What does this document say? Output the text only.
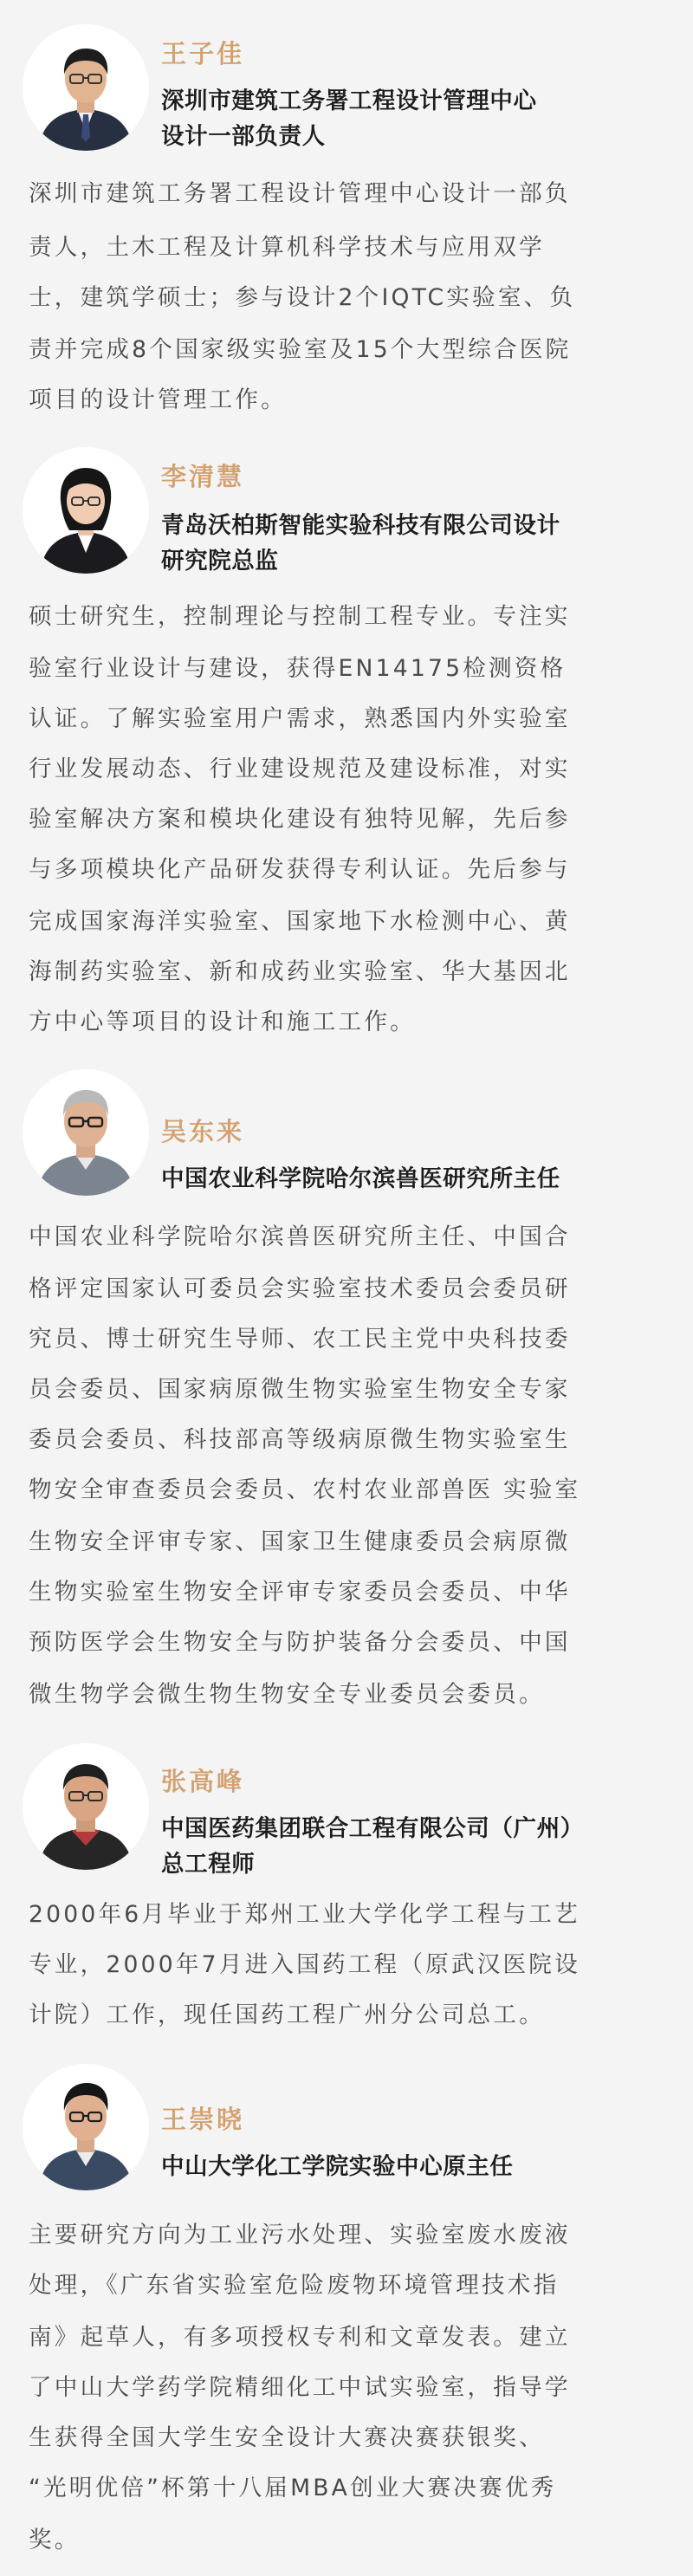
王子佳
深圳市建筑工务署工程设计管理中心
设计一部负责人
深圳市建筑工务署工程设计管理中心设计一部负
责人，土木工程及计算机科学技术与应用双学
士，建筑学硕士；参与设计2个IQTC实验室、负
责并完成8个国家级实验室及15个大型综合医院
项目的设计管理工作。
李清慧
青岛沃柏斯智能实验科技有限公司设计
研究院总监
硕士研究生，控制理论与控制工程专业。专注实
验室行业设计与建设，获得EN14175检测资格
认证。了解实验室用户需求，熟悉国内外实验室
行业发展动态、行业建设规范及建设标准，对实
验室解决方案和模块化建设有独特见解，先后参
与多项模块化产品研发获得专利认证。先后参与
完成国家海洋实验室、国家地下水检测中心、黄
海制药实验室、新和成药业实验室、华大基因北
方中心等项目的设计和施工工作。
吴东来
中国农业科学院哈尔滨兽医研究所主任
中国农业科学院哈尔滨兽医研究所主任、中国合
格评定国家认可委员会实验室技术委员会委员研
究员、博士研究生导师、农工民主党中央科技委
员会委员、国家病原微生物实验室生物安全专家
委员会委员、科技部高等级病原微生物实验室生
物安全审查委员会委员、农村农业部兽医 实验室
生物安全评审专家、国家卫生健康委员会病原微
生物实验室生物安全评审专家委员会委员、中华
预防医学会生物安全与防护装备分会委员、中国
微生物学会微生物生物安全专业委员会委员。
张高峰
中国医药集团联合工程有限公司（广州）
总工程师
2000年6月毕业于郑州工业大学化学工程与工艺
专业，2000年7月进入国药工程（原武汉医院设
计院）工作，现任国药工程广州分公司总工。
王崇晓
中山大学化工学院实验中心原主任
主要研究方向为工业污水处理、实验室废水废液
处理，《广东省实验室危险废物环境管理技术指
南》起草人，有多项授权专利和文章发表。建立
了中山大学药学院精细化工中试实验室，指导学
生获得全国大学生安全设计大赛决赛获银奖、
“光明优倍”杯第十八届MBA创业大赛决赛优秀
奖。
